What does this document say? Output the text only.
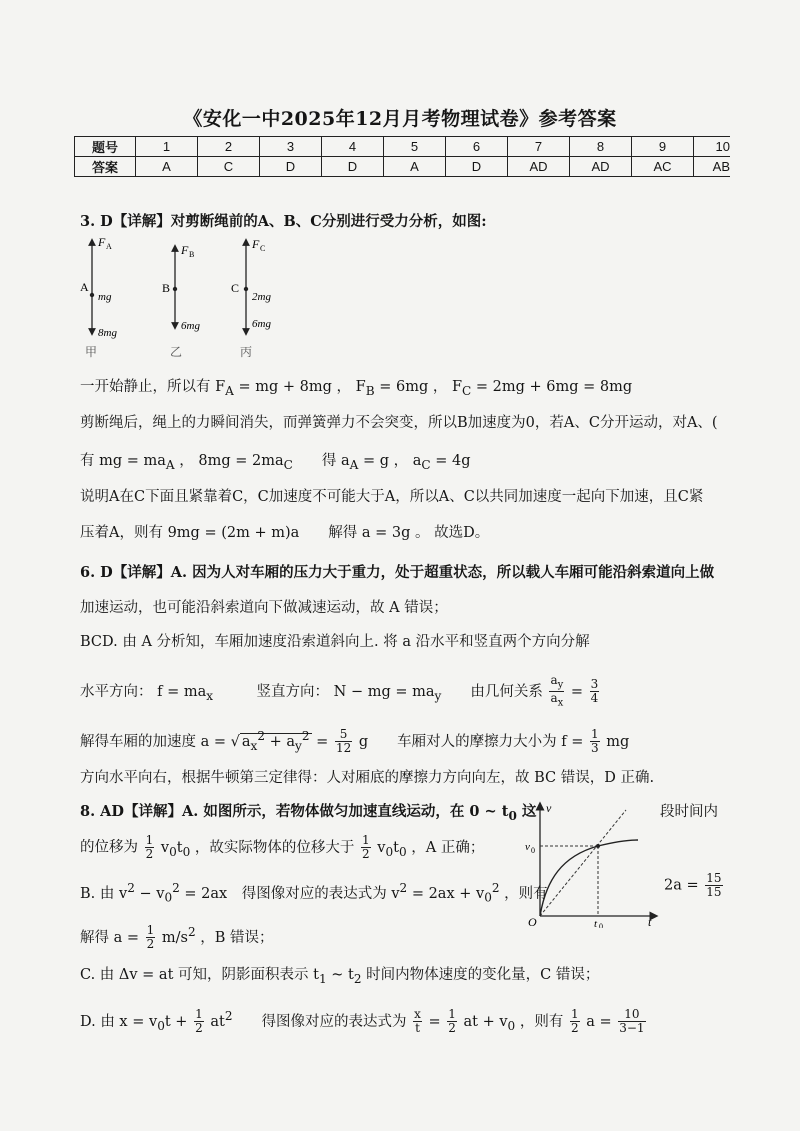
《安化一中2025年12月月考物理试卷》参考答案
题号	1	2	3	4	5	6	7	8	9	10
答案	A	C	D	D	A	D	AD	AD	AC	AB
3. D【详解】对剪断绳前的A、B、C分别进行受力分析，如图:
F A
A
mg
8mg
甲
F B
B
6mg
乙
F C
C
2mg
6mg
丙
一开始静止，所以有 $F_A$ = mg + 8mg ， $F_B = 6mg$ ， $F_C = 2mg + 6mg = 8mg$
剪断绳后，绳上的力瞬间消失，而弹簧弹力不会突变，所以B加速度为0，若A、C分开运动，对A、(
有 mg = $ma_A$ ， $8mg = 2ma_C$　　得 $a_A = g$ ， $a_C = 4g$
说明A在C下面且紧靠着C，C加速度不可能大于A，所以A、C以共同加速度一起向下加速，且C紧
压着A，则有 9mg = (2m + m)a　　解得 a = 3g 。 故选D。
6. D【详解】A. 因为人对车厢的压力大于重力，处于超重状态，所以载人车厢可能沿斜索道向上做
加速运动，也可能沿斜索道向下做减速运动，故 A 错误；
BCD. 由 A 分析知，车厢加速度沿索道斜向上. 将 a 沿水平和竖直两个方向分解
水平方向： $f = ma_x$　　　竖直方向： N − mg = $ma_y$　　由几何关系 $\frac{a_y}{a_x} = \frac{3}{4}$
解得车厢的加速度 a = √ $a_x^2 + a_y^2 = \frac{5}{12}$ g　　车厢对人的摩擦力大小为 $f = \frac{1}{3}$ mg
方向水平向右，根据牛顿第三定律得：人对厢底的摩擦力方向向左，故 BC 错误，D 正确.
8. AD【详解】A. 如图所示，若物体做匀加速直线运动，在 0 ~ $t_0$ 这	段时间内
的位移为 $\frac{1}{2} v_0t_0$ ，故实际物体的位移大于 $\frac{1}{2} v_0t_0$ ，A 正确；
B. 由 $v^2 - v_0^2 = 2ax$　得图像对应的表达式为 $v^2 = 2ax + v_0^2$ ，则有
$2a = \frac{15}{15}$
解得 $a = \frac{1}{2} m/s^2$ ，B 错误；
C. 由 Δv = at 可知，阴影面积表示 $t_1$ ~ $t_2$ 时间内物体速度的变化量，C 错误；
D. 由 $x = v_0t + \frac{1}{2} at^2$　　得图像对应的表达式为 $\frac{x}{t} = \frac{1}{2}$ at + $v_0$ ，则有 $\frac{1}{2}$ $a = \frac{10}{3-1}$
v
t
O
v 0
t 0
